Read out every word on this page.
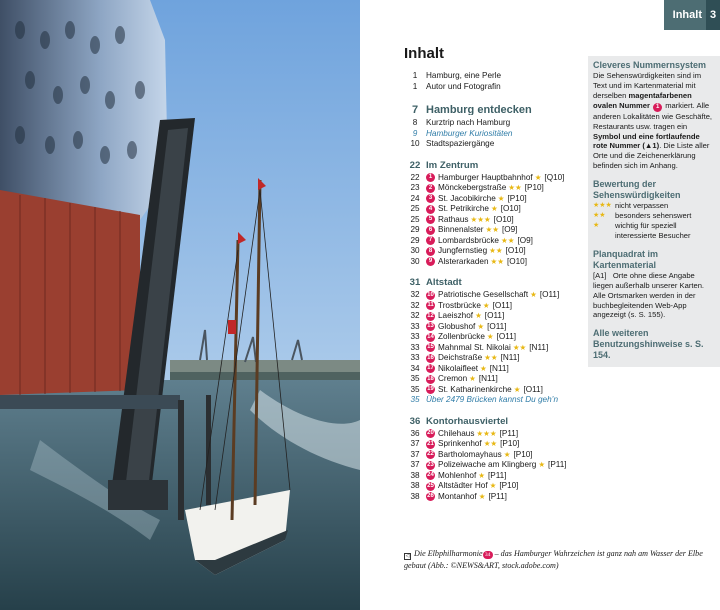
Inhalt 3
Inhalt
1	Hamburg, eine Perle
1	Autor und Fotografin
7 Hamburg entdecken
8	Kurztrip nach Hamburg
9	Hamburger Kuriositäten
10 Stadtspaziergänge
22 Im Zentrum
22	1 Hamburger Hauptbahnhof ★ [Q10]
23	2 Mönckebergstraße ★★ [P10]
24	3 St. Jacobikirche ★ [P10]
25	4 St. Petrikirche ★ [O10]
25	5 Rathaus ★★★ [O10]
29	6 Binnenalster ★★ [O9]
29	7 Lombardsbrücke ★★ [O9]
30	8 Jungfernstieg ★★ [O10]
30	9 Alsterarkaden ★★ [O10]
31 Altstadt
32	10 Patriotische Gesellschaft ★ [O11]
32	11 Trostbrücke ★ [O11]
32	12 Laeiszhof ★ [O11]
33	13 Globushof ★ [O11]
33	14 Zollenbrücke ★ [O11]
33	15 Mahnmal St. Nikolai ★★ [N11]
33	16 Deichstraße ★★ [N11]
34	17 Nikolaifleet ★ [N11]
35	18 Cremon ★ [N11]
35	19 St. Katharinenkirche ★ [O11]
35 Über 2479 Brücken kannst Du geh’n
36 Kontorhausviertel
36	20 Chilehaus ★★★ [P11]
37	21 Sprinkenhof ★★ [P10]
37	22 Bartholomayhaus ★ [P10]
37	23 Polizeiwache am Klingberg ★ [P11]
38	24 Mohlenhof ★ [P11]
38	25 Altstädter Hof ★ [P10]
38	26 Montanhof ★ [P11]
Cleveres Nummernsystem

Die Sehenswürdigkeiten sind im Text und im Kartenmaterial mit derselben magentafarbenen ovalen Nummer 1 markiert. Alle anderen Lokalitäten wie Geschäfte, Restaurants usw. tragen ein Symbol und eine fortlaufende rote Nummer (▲1). Die Liste aller Orte und die Zeichenerklärung befinden sich im Anhang.

Bewertung der Sehenswürdigkeiten
★★★ nicht verpassen
★★	besonders sehenswert
★	wichtig für speziell interessierte Besucher
Planquadrat im Kartenmaterial

[A1] Orte ohne diese Angabe liegen außerhalb unserer Karten. Alle Ortsmarken werden in der buchbegleitenden Web-App angezeigt (s. S. 155).

Alle weiteren Benutzungshinweise s. S. 154.
◁ Die Elbphilharmonie 34 – das Hamburger Wahrzeichen ist ganz nah am Wasser der Elbe gebaut (Abb.: ©NEWS&ART, stock.adobe.com)
